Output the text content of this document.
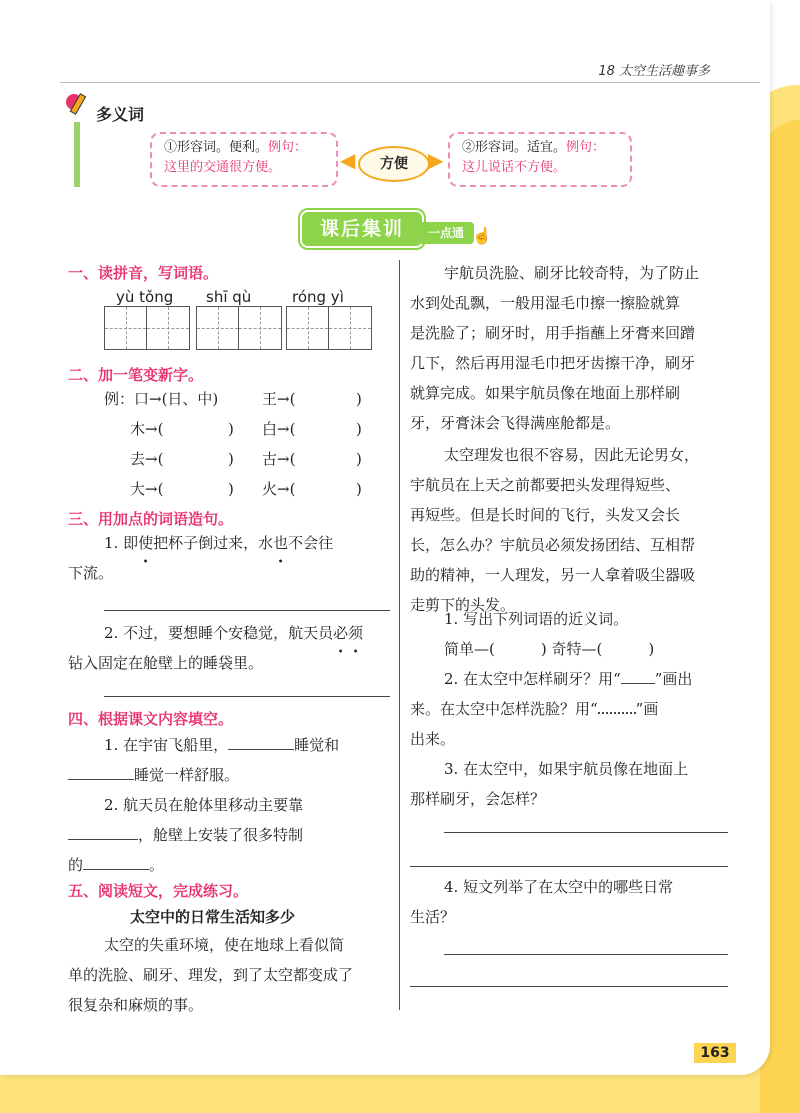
18 太空生活趣事多
多义词
①形容词。便利。例句：
这里的交通很方便。	◀	方便	▶
②形容词。适宜。例句：
这儿说话不方便。
课后集训	一点通 ☝
一、读拼音，写词语。
yù tǒng shī qù	róng yì
二、加一笔变新字。
例：口→(日、中)	王→(	)
木→(	) 白→(	)
去→(	) 古→(	)
大→(	) 火→(	)
三、用加点的词语造句。
1. 即使把杯子倒过来，水也不会往
下流。
2. 不过，要想睡个安稳觉，航天员必须
钻入固定在舱壁上的睡袋里。
四、根据课文内容填空。
1. 在宇宙飞船里，	睡觉和
睡觉一样舒服。
2. 航天员在舱体里移动主要靠
，舱壁上安装了很多特制
的	。
五、阅读短文，完成练习。
太空中的日常生活知多少
太空的失重环境，使在地球上看似简
单的洗脸、刷牙、理发，到了太空都变成了
很复杂和麻烦的事。
宇航员洗脸、刷牙比较奇特，为了防止
水到处乱飘，一般用湿毛巾擦一擦脸就算
是洗脸了；刷牙时，用手指蘸上牙膏来回蹭
几下，然后再用湿毛巾把牙齿擦干净，刷牙
就算完成。如果宇航员像在地面上那样刷
牙，牙膏沫会飞得满座舱都是。
太空理发也很不容易，因此无论男女，
宇航员在上天之前都要把头发理得短些、
再短些。但是长时间的飞行，头发又会长
长，怎么办？宇航员必须发扬团结、互相帮
助的精神，一人理发，另一人拿着吸尘器吸
走剪下的头发。
1. 写出下列词语的近义词。
简单—(	) 奇特—(	)
2. 在太空中怎样刷牙？用“ ”画出
来。在太空中怎样洗脸？用“	”画
出来。
3. 在太空中，如果宇航员像在地面上
那样刷牙，会怎样？
4. 短文列举了在太空中的哪些日常
生活？
163
